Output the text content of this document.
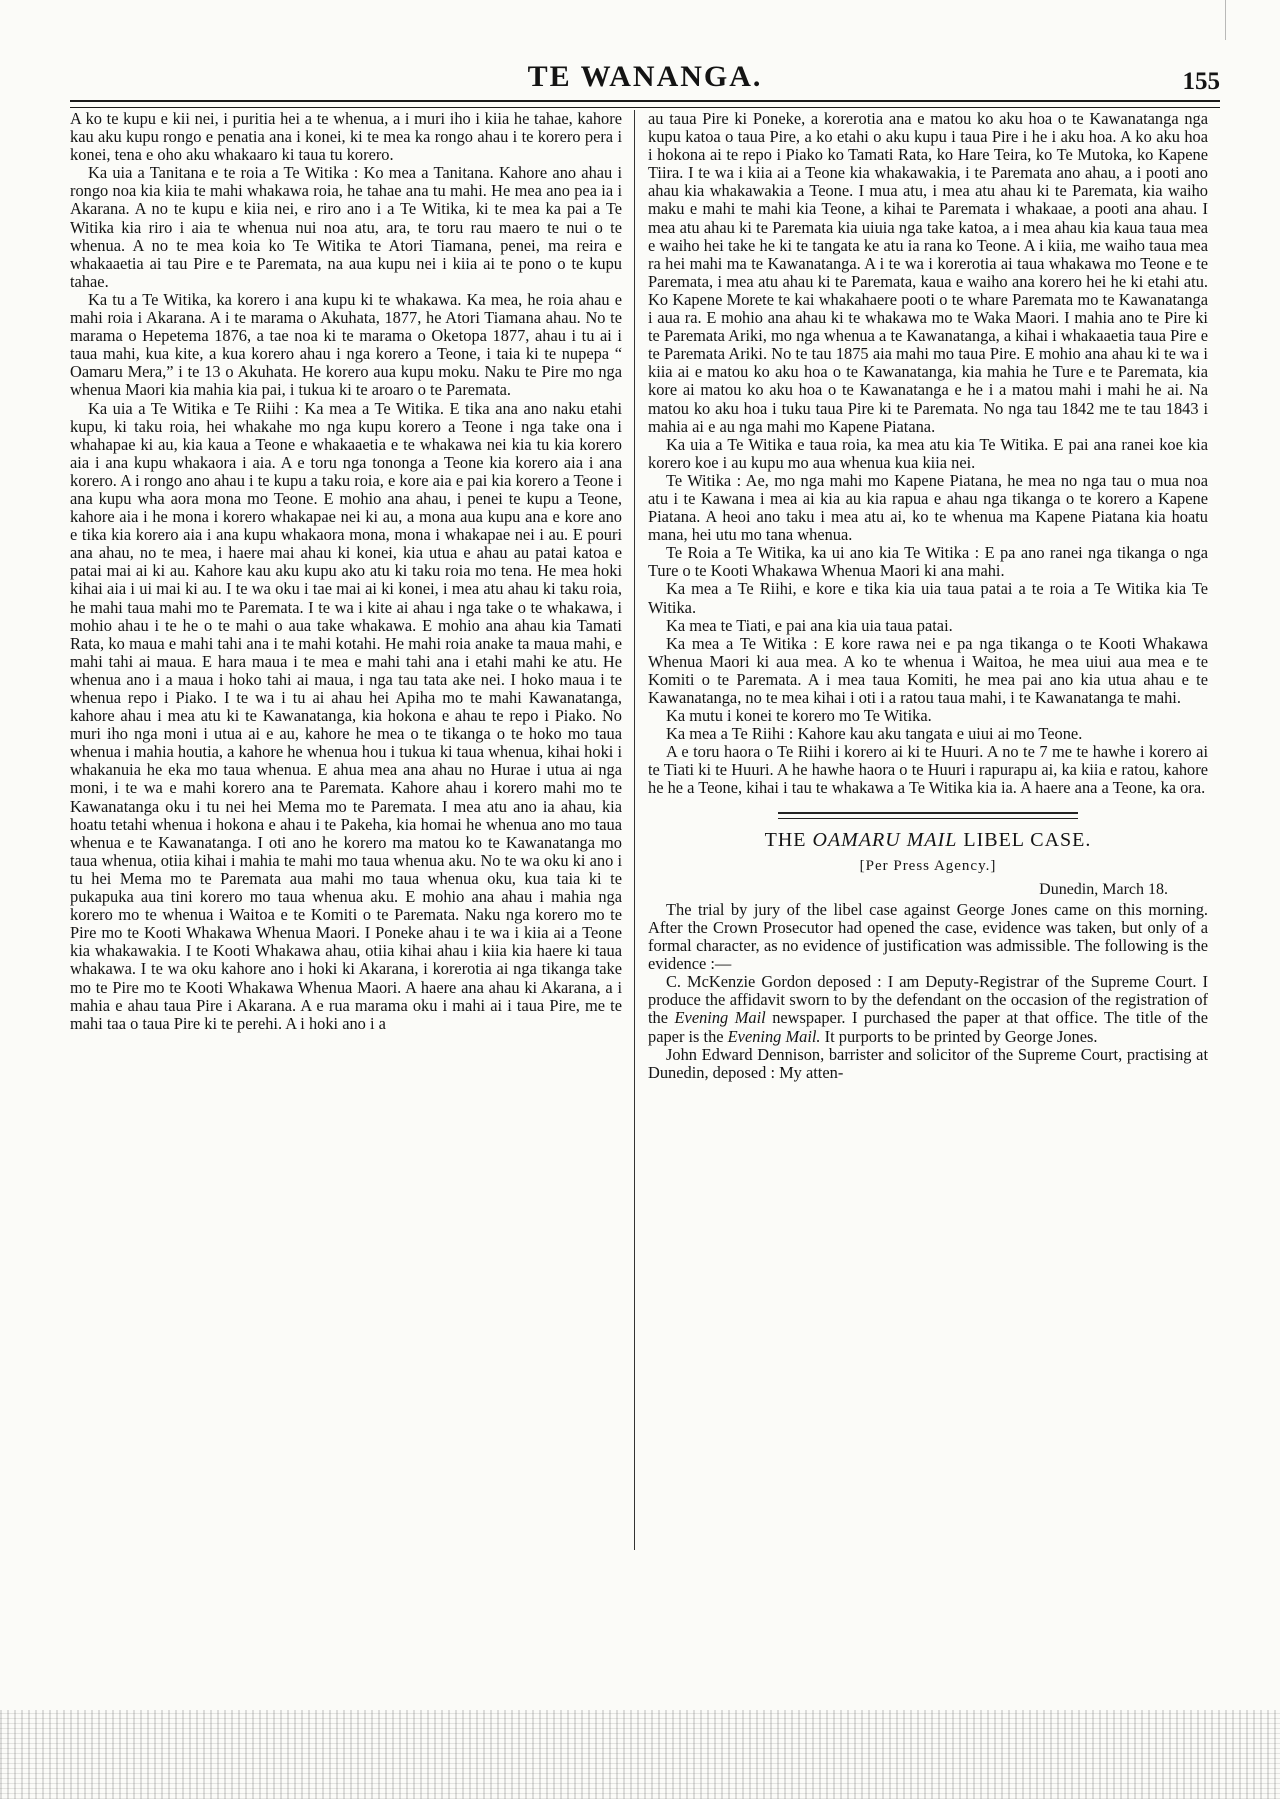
TE WANANGA.	155

A ko te kupu e kii nei, i puritia hei a te whenua, a i muri iho i kiia he tahae, kahore kau aku kupu rongo e penatia ana i konei, ki te mea ka rongo ahau i te korero pera i konei, tena e oho aku whakaaro ki taua tu korero.

Ka uia a Tanitana e te roia a Te Witika : Ko mea a Tanitana. Kahore ano ahau i rongo noa kia kiia te mahi whakawa roia, he tahae ana tu mahi. He mea ano pea ia i Akarana. A no te kupu e kiia nei, e riro ano i a Te Witika, ki te mea ka pai a Te Witika kia riro i aia te whenua nui noa atu, ara, te toru rau maero te nui o te whenua. A no te mea koia ko Te Witika te Atori Tiamana, penei, ma reira e whakaaetia ai tau Pire e te Paremata, na aua kupu nei i kiia ai te pono o te kupu tahae.

Ka tu a Te Witika, ka korero i ana kupu ki te whakawa. Ka mea, he roia ahau e mahi roia i Akarana. A i te marama o Akuhata, 1877, he Atori Tiamana ahau. No te marama o Hepetema 1876, a tae noa ki te marama o Oketopa 1877, ahau i tu ai i taua mahi, kua kite, a kua korero ahau i nga korero a Teone, i taia ki te nupepa “ Oamaru Mera,” i te 13 o Akuhata. He korero aua kupu moku. Naku te Pire mo nga whenua Maori kia mahia kia pai, i tukua ki te aroaro o te Paremata.

Ka uia a Te Witika e Te Riihi : Ka mea a Te Witika. E tika ana ano naku etahi kupu, ki taku roia, hei whakahe mo nga kupu korero a Teone i nga take ona i whahapae ki au, kia kaua a Teone e whakaaetia e te whakawa nei kia tu kia korero aia i ana kupu whakaora i aia. A e toru nga tononga a Teone kia korero aia i ana korero. A i rongo ano ahau i te kupu a taku roia, e kore aia e pai kia korero a Teone i ana kupu wha aora mona mo Teone. E mohio ana ahau, i penei te kupu a Teone, kahore aia i he mona i korero whakapae nei ki au, a mona aua kupu ana e kore ano e tika kia korero aia i ana kupu whakaora mona, mona i whakapae nei i au. E pouri ana ahau, no te mea, i haere mai ahau ki konei, kia utua e ahau au patai katoa e patai mai ai ki au. Kahore kau aku kupu ako atu ki taku roia mo tena. He mea hoki kihai aia i ui mai ki au. I te wa oku i tae mai ai ki konei, i mea atu ahau ki taku roia, he mahi taua mahi mo te Paremata. I te wa i kite ai ahau i nga take o te whakawa, i mohio ahau i te he o te mahi o aua take whakawa. E mohio ana ahau kia Tamati Rata, ko maua e mahi tahi ana i te mahi kotahi. He mahi roia anake ta maua mahi, e mahi tahi ai maua. E hara maua i te mea e mahi tahi ana i etahi mahi ke atu. He whenua ano i a maua i hoko tahi ai maua, i nga tau tata ake nei. I hoko maua i te whenua repo i Piako. I te wa i tu ai ahau hei Apiha mo te mahi Kawanatanga, kahore ahau i mea atu ki te Kawanatanga, kia hokona e ahau te repo i Piako. No muri iho nga moni i utua ai e au, kahore he mea o te tikanga o te hoko mo taua whenua i mahia houtia, a kahore he whenua hou i tukua ki taua whenua, kihai hoki i whakanuia he eka mo taua whenua. E ahua mea ana ahau no Hurae i utua ai nga moni, i te wa e mahi korero ana te Paremata. Kahore ahau i korero mahi mo te Kawanatanga oku i tu nei hei Mema mo te Paremata. I mea atu ano ia ahau, kia hoatu tetahi whenua i hokona e ahau i te Pakeha, kia homai he whenua ano mo taua whenua e te Kawanatanga. I oti ano he korero ma matou ko te Kawanatanga mo taua whenua, otiia kihai i mahia te mahi mo taua whenua aku. No te wa oku ki ano i tu hei Mema mo te Paremata aua mahi mo taua whenua oku, kua taia ki te pukapuka aua tini korero mo taua whenua aku. E mohio ana ahau i mahia nga korero mo te whenua i Waitoa e te Komiti o te Paremata. Naku nga korero mo te Pire mo te Kooti Whakawa Whenua Maori. I Poneke ahau i te wa i kiia ai a Teone kia whakawakia. I te Kooti Whakawa ahau, otiia kihai ahau i kiia kia haere ki taua whakawa. I te wa oku kahore ano i hoki ki Akarana, i korerotia ai nga tikanga take mo te Pire mo te Kooti Whakawa Whenua Maori. A haere ana ahau ki Akarana, a i mahia e ahau taua Pire i Akarana. A e rua marama oku i mahi ai i taua Pire, me te mahi taa o taua Pire ki te perehi. A i hoki ano i a

au taua Pire ki Poneke, a korerotia ana e matou ko aku hoa o te Kawanatanga nga kupu katoa o taua Pire, a ko etahi o aku kupu i taua Pire i he i aku hoa. A ko aku hoa i hokona ai te repo i Piako ko Tamati Rata, ko Hare Teira, ko Te Mutoka, ko Kapene Tiira. I te wa i kiia ai a Teone kia whakawakia, i te Paremata ano ahau, a i pooti ano ahau kia whakawakia a Teone. I mua atu, i mea atu ahau ki te Paremata, kia waiho maku e mahi te mahi kia Teone, a kihai te Paremata i whakaae, a pooti ana ahau. I mea atu ahau ki te Paremata kia uiuia nga take katoa, a i mea ahau kia kaua taua mea e waiho hei take he ki te tangata ke atu ia rana ko Teone. A i kiia, me waiho taua mea ra hei mahi ma te Kawanatanga. A i te wa i korerotia ai taua whakawa mo Teone e te Paremata, i mea atu ahau ki te Paremata, kaua e waiho ana korero hei he ki etahi atu. Ko Kapene Morete te kai whakahaere pooti o te whare Paremata mo te Kawanatanga i aua ra. E mohio ana ahau ki te whakawa mo te Waka Maori. I mahia ano te Pire ki te Paremata Ariki, mo nga whenua a te Kawanatanga, a kihai i whakaaetia taua Pire e te Paremata Ariki. No te tau 1875 aia mahi mo taua Pire. E mohio ana ahau ki te wa i kiia ai e matou ko aku hoa o te Kawanatanga, kia mahia he Ture e te Paremata, kia kore ai matou ko aku hoa o te Kawanatanga e he i a matou mahi i mahi he ai. Na matou ko aku hoa i tuku taua Pire ki te Paremata. No nga tau 1842 me te tau 1843 i mahia ai e au nga mahi mo Kapene Piatana.

Ka uia a Te Witika e taua roia, ka mea atu kia Te Witika. E pai ana ranei koe kia korero koe i au kupu mo aua whenua kua kiia nei.

Te Witika : Ae, mo nga mahi mo Kapene Piatana, he mea no nga tau o mua noa atu i te Kawana i mea ai kia au kia rapua e ahau nga tikanga o te korero a Kapene Piatana. A heoi ano taku i mea atu ai, ko te whenua ma Kapene Piatana kia hoatu mana, hei utu mo tana whenua.

Te Roia a Te Witika, ka ui ano kia Te Witika : E pa ano ranei nga tikanga o nga Ture o te Kooti Whakawa Whenua Maori ki ana mahi.

Ka mea a Te Riihi, e kore e tika kia uia taua patai a te roia a Te Witika kia Te Witika.

Ka mea te Tiati, e pai ana kia uia taua patai.

Ka mea a Te Witika : E kore rawa nei e pa nga tikanga o te Kooti Whakawa Whenua Maori ki aua mea. A ko te whenua i Waitoa, he mea uiui aua mea e te Komiti o te Paremata. A i mea taua Komiti, he mea pai ano kia utua ahau e te Kawanatanga, no te mea kihai i oti i a ratou taua mahi, i te Kawanatanga te mahi.

Ka mutu i konei te korero mo Te Witika.

Ka mea a Te Riihi : Kahore kau aku tangata e uiui ai mo Teone.

A e toru haora o Te Riihi i korero ai ki te Huuri. A no te 7 me te hawhe i korero ai te Tiati ki te Huuri. A he hawhe haora o te Huuri i rapurapu ai, ka kiia e ratou, kahore he he a Teone, kihai i tau te whakawa a Te Witika kia ia. A haere ana a Teone, ka ora.

THE OAMARU MAIL LIBEL CASE.
[Per Press Agency.]
Dunedin, March 18.

The trial by jury of the libel case against George Jones came on this morning. After the Crown Prosecutor had opened the case, evidence was taken, but only of a formal character, as no evidence of justification was admissible. The following is the evidence :—

C. McKenzie Gordon deposed : I am Deputy-Registrar of the Supreme Court. I produce the affidavit sworn to by the defendant on the occasion of the registration of the Evening Mail newspaper. I purchased the paper at that office. The title of the paper is the Evening Mail. It purports to be printed by George Jones.

John Edward Dennison, barrister and solicitor of the Supreme Court, practising at Dunedin, deposed : My atten-
